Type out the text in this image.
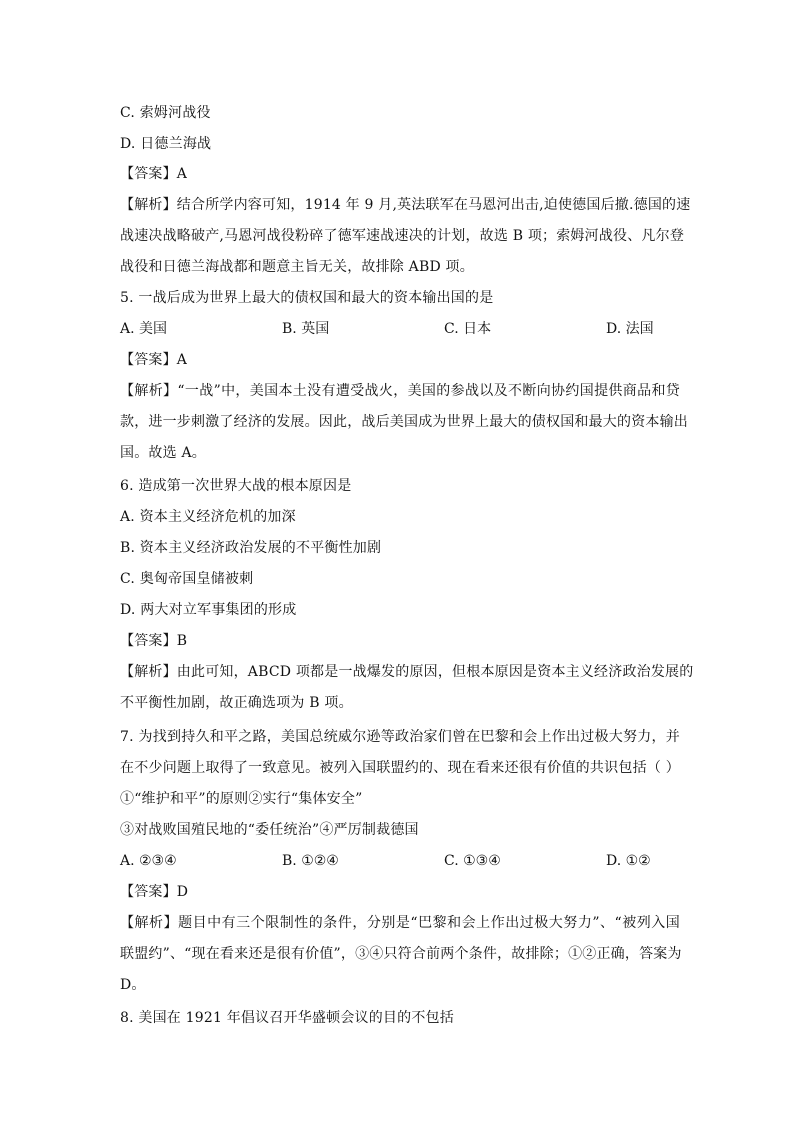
C. 索姆河战役
D. 日德兰海战
【答案】A
【解析】结合所学内容可知，1914 年 9 月,英法联军在马恩河出击,迫使德国后撤.德国的速
战速决战略破产,马恩河战役粉碎了德军速战速决的计划，故选 B 项；索姆河战役、凡尔登
战役和日德兰海战都和题意主旨无关，故排除 ABD 项。
5. 一战后成为世界上最大的债权国和最大的资本输出国的是
A. 美国	B. 英国	C. 日本	D. 法国
【答案】A
【解析】“一战”中，美国本土没有遭受战火，美国的参战以及不断向协约国提供商品和贷
款，进一步刺激了经济的发展。因此，战后美国成为世界上最大的债权国和最大的资本输出
国。故选 A。
6. 造成第一次世界大战的根本原因是
A. 资本主义经济危机的加深
B. 资本主义经济政治发展的不平衡性加剧
C. 奥匈帝国皇储被刺
D. 两大对立军事集团的形成
【答案】B
【解析】由此可知，ABCD 项都是一战爆发的原因，但根本原因是资本主义经济政治发展的
不平衡性加剧，故正确选项为 B 项。
7. 为找到持久和平之路，美国总统威尔逊等政治家们曾在巴黎和会上作出过极大努力，并
在不少问题上取得了一致意见。被列入国联盟约的、现在看来还很有价值的共识包括（ ）
①“维护和平”的原则②实行“集体安全”
③对战败国殖民地的“委任统治”④严厉制裁德国
A. ②③④	B. ①②④	C. ①③④	D. ①②
【答案】D
【解析】题目中有三个限制性的条件，分别是“巴黎和会上作出过极大努力”、“被列入国
联盟约”、“现在看来还是很有价值”，③④只符合前两个条件，故排除；①②正确，答案为
D。
8. 美国在 1921 年倡议召开华盛顿会议的目的不包括
